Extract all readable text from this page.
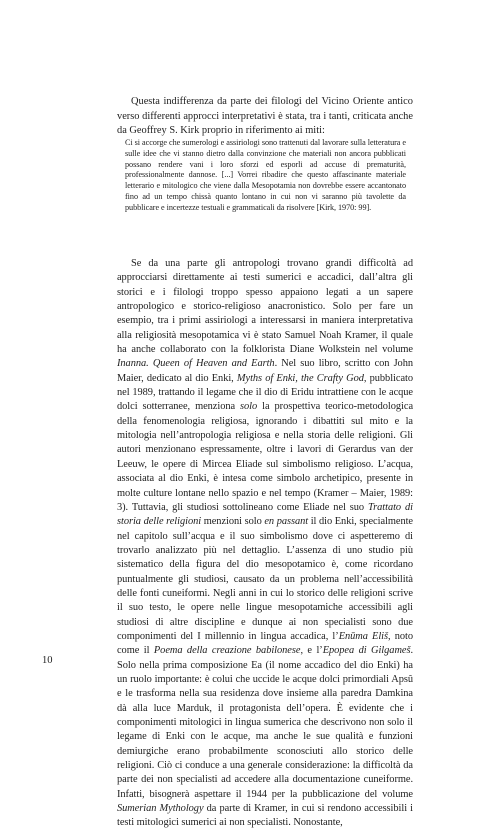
Questa indifferenza da parte dei filologi del Vicino Oriente antico verso differenti approcci interpretativi è stata, tra i tanti, criticata anche da Geoffrey S. Kirk proprio in riferimento ai miti:

Ci si accorge che sumerologi e assiriologi sono trattenuti dal lavorare sulla letteratura e sulle idee che vi stanno dietro dalla convinzione che materiali non ancora pubblicati possano rendere vani i loro sforzi ed esporli ad accuse di prematurità, professionalmente dannose. [...] Vorrei ribadire che questo affascinante materiale letterario e mitologico che viene dalla Mesopotamia non dovrebbe essere accantonato fino ad un tempo chissà quanto lontano in cui non vi saranno più tavolette da pubblicare e incertezze testuali e grammaticali da risolvere [Kirk, 1970: 99].

Se da una parte gli antropologi trovano grandi difficoltà ad approcciarsi direttamente ai testi sumerici e accadici, dall’altra gli storici e i filologi troppo spesso appaiono legati a un sapere antropologico e storico-religioso anacronistico. Solo per fare un esempio, tra i primi assiriologi a interessarsi in maniera interpretativa alla religiosità mesopotamica vi è stato Samuel Noah Kramer, il quale ha anche collaborato con la folklorista Diane Wolkstein nel volume Inanna. Queen of Heaven and Earth. Nel suo libro, scritto con John Maier, dedicato al dio Enki, Myths of Enki, the Crafty God, pubblicato nel 1989, trattando il legame che il dio di Eridu intrattiene con le acque dolci sotterranee, menziona solo la prospettiva teorico-metodologica della fenomenologia religiosa, ignorando i dibattiti sul mito e la mitologia nell’antropologia religiosa e nella storia delle religioni. Gli autori menzionano espressamente, oltre i lavori di Gerardus van der Leeuw, le opere di Mircea Eliade sul simbolismo religioso. L’acqua, associata al dio Enki, è intesa come simbolo archetipico, presente in molte culture lontane nello spazio e nel tempo (Kramer – Maier, 1989: 3). Tuttavia, gli studiosi sottolineano come Eliade nel suo Trattato di storia delle religioni menzioni solo en passant il dio Enki, specialmente nel capitolo sull’acqua e il suo simbolismo dove ci aspetteremo di trovarlo analizzato più nel dettaglio. L’assenza di uno studio più sistematico della figura del dio mesopotamico è, come ricordano puntualmente gli studiosi, causato da un problema nell’accessibilità delle fonti cuneiformi. Negli anni in cui lo storico delle religioni scrive il suo testo, le opere nelle lingue mesopotamiche accessibili agli studiosi di altre discipline e dunque ai non specialisti sono due componimenti del I millennio in lingua accadica, l’Enūma Eliš, noto come il Poema della creazione babilonese, e l’Epopea di Gilgameš. Solo nella prima composizione Ea (il nome accadico del dio Enki) ha un ruolo importante: è colui che uccide le acque dolci primordiali Apsû e le trasforma nella sua residenza dove insieme alla paredra Damkina dà alla luce Marduk, il protagonista dell’opera. È evidente che i componimenti mitologici in lingua sumerica che descrivono non solo il legame di Enki con le acque, ma anche le sue qualità e funzioni demiurgiche erano probabilmente sconosciuti allo storico delle religioni. Ciò ci conduce a una generale considerazione: la difficoltà da parte dei non specialisti ad accedere alla documentazione cuneiforme. Infatti, bisognerà aspettare il 1944 per la pubblicazione del volume Sumerian Mythology da parte di Kramer, in cui si rendono accessibili i testi mitologici sumerici ai non specialisti. Nonostante,

10
